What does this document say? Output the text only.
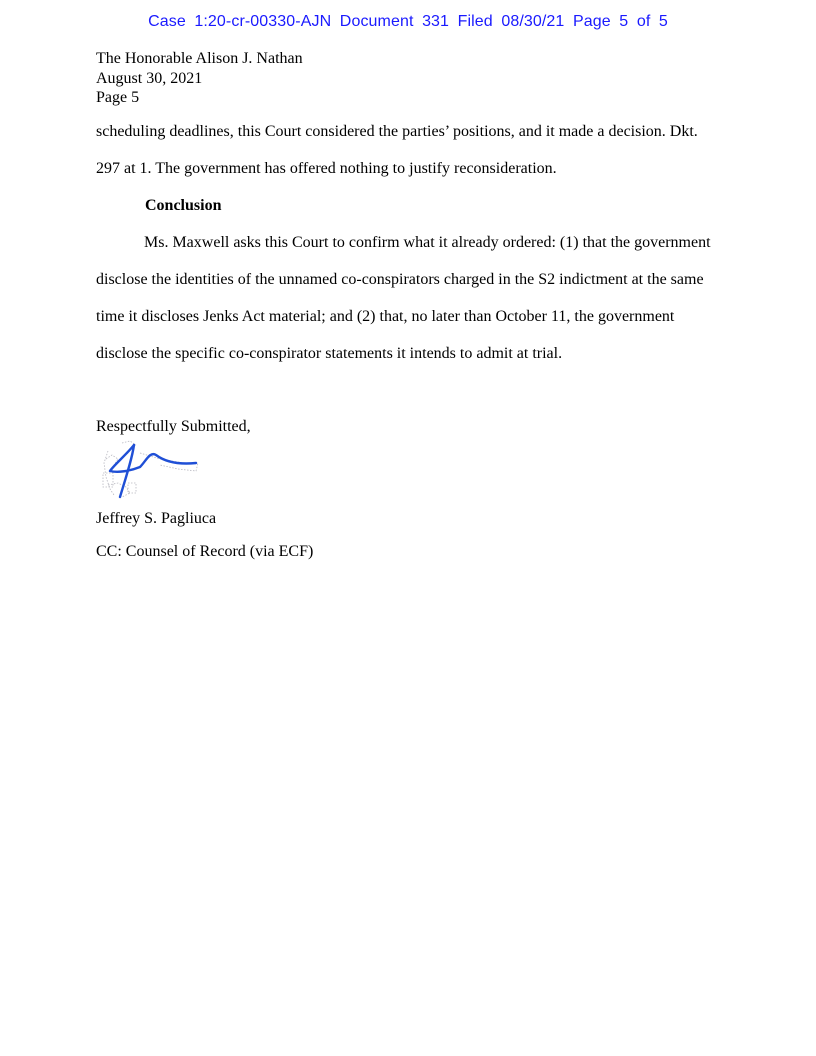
Case 1:20-cr-00330-AJN Document 331 Filed 08/30/21 Page 5 of 5
The Honorable Alison J. Nathan
August 30, 2021
Page 5
scheduling deadlines, this Court considered the parties’ positions, and it made a decision. Dkt.
297 at 1. The government has offered nothing to justify reconsideration.
Conclusion
Ms. Maxwell asks this Court to confirm what it already ordered: (1) that the government
disclose the identities of the unnamed co-conspirators charged in the S2 indictment at the same
time it discloses Jenks Act material; and (2) that, no later than October 11, the government
disclose the specific co-conspirator statements it intends to admit at trial.
Respectfully Submitted,
Jeffrey S. Pagliuca
CC: Counsel of Record (via ECF)
